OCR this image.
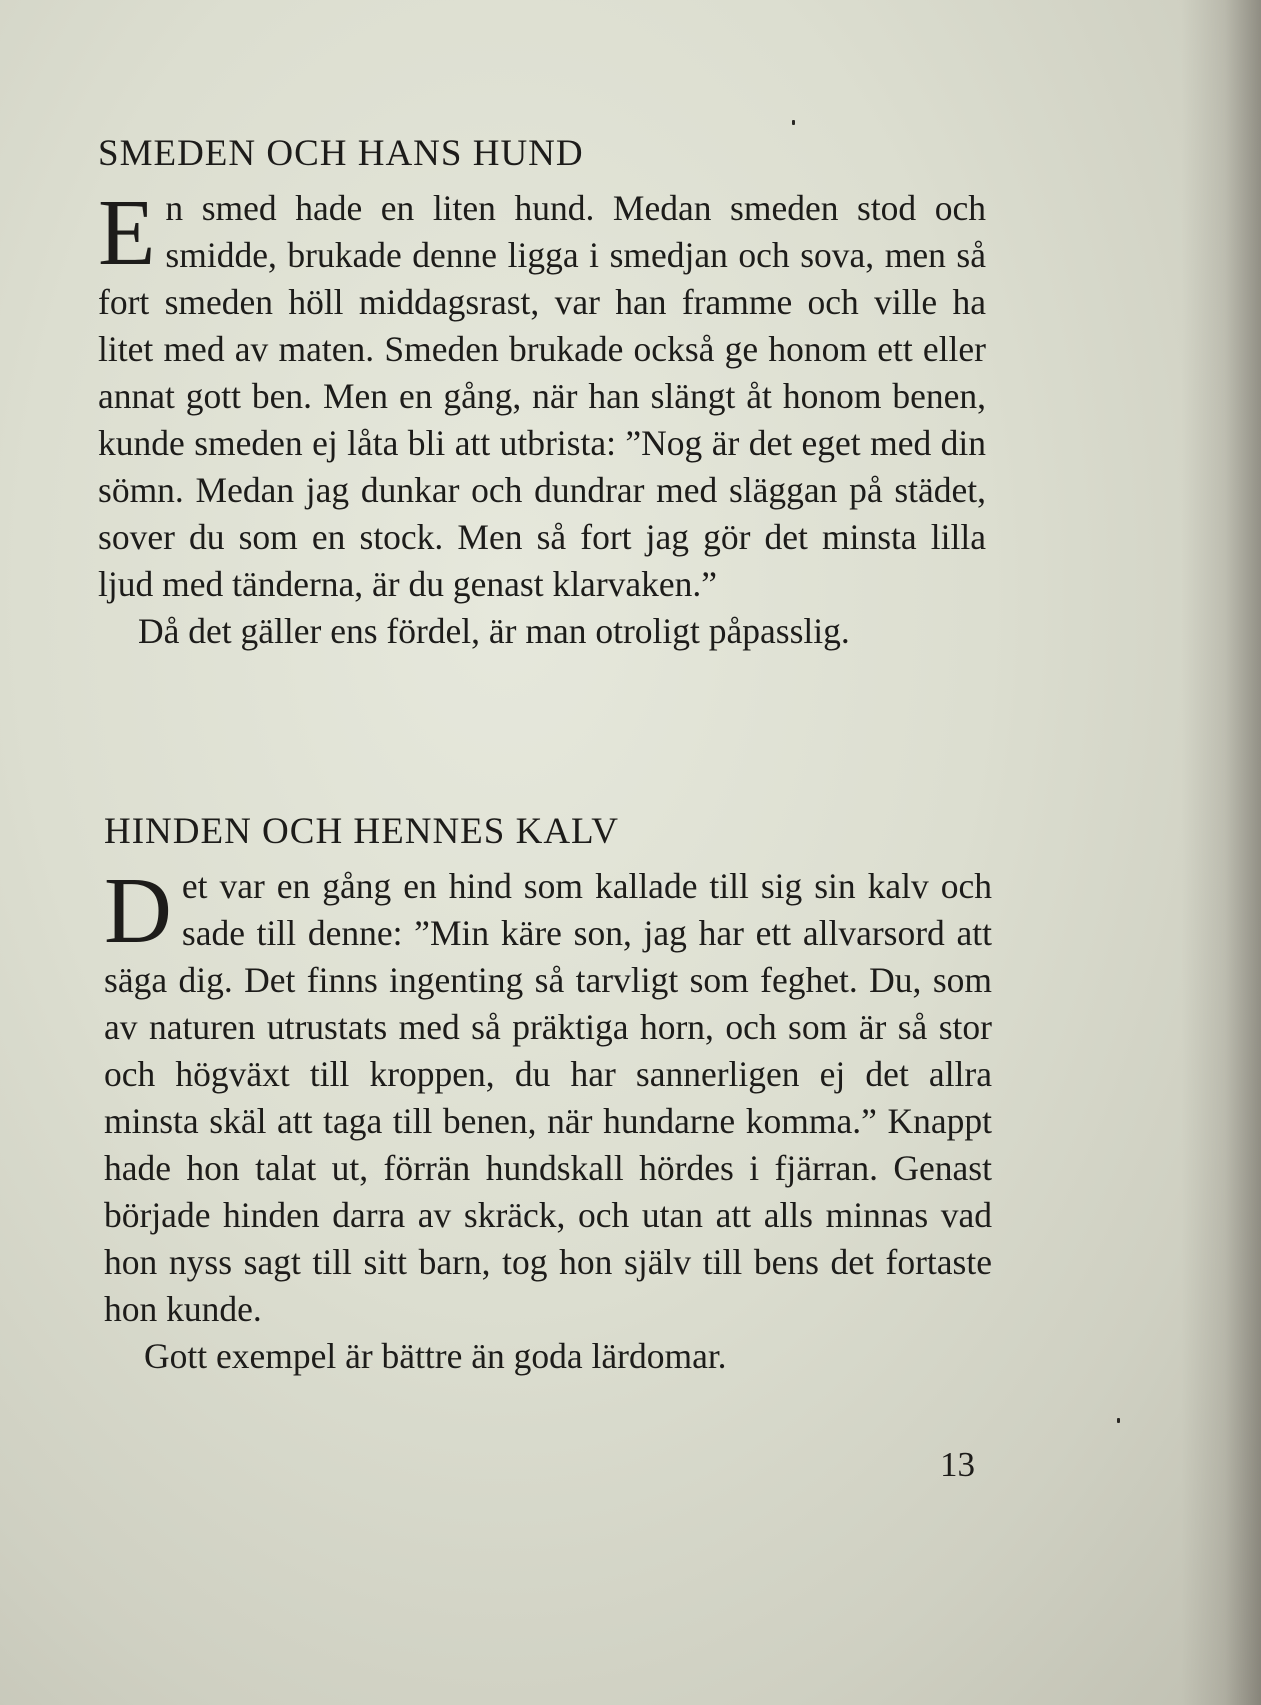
SMEDEN OCH HANS HUND

En smed hade en liten hund. Medan smeden stod och smidde, brukade denne ligga i smedjan och sova, men så fort smeden höll middagsrast, var han framme och ville ha litet med av maten. Smeden brukade också ge honom ett eller annat gott ben. Men en gång, när han slängt åt honom benen, kunde smeden ej låta bli att utbrista: ”Nog är det eget med din sömn. Medan jag dunkar och dundrar med släggan på städet, sover du som en stock. Men så fort jag gör det minsta lilla ljud med tänderna, är du genast klarvaken.”

Då det gäller ens fördel, är man otroligt påpasslig.

HINDEN OCH HENNES KALV

Det var en gång en hind som kallade till sig sin kalv och sade till denne: ”Min käre son, jag har ett allvarsord att säga dig. Det finns ingenting så tarvligt som feghet. Du, som av naturen utrustats med så präktiga horn, och som är så stor och högväxt till kroppen, du har sannerligen ej det allra minsta skäl att taga till benen, när hundarne komma.” Knappt hade hon talat ut, förrän hundskall hördes i fjärran. Genast började hinden darra av skräck, och utan att alls minnas vad hon nyss sagt till sitt barn, tog hon själv till bens det fortaste hon kunde.

Gott exempel är bättre än goda lärdomar.

13
